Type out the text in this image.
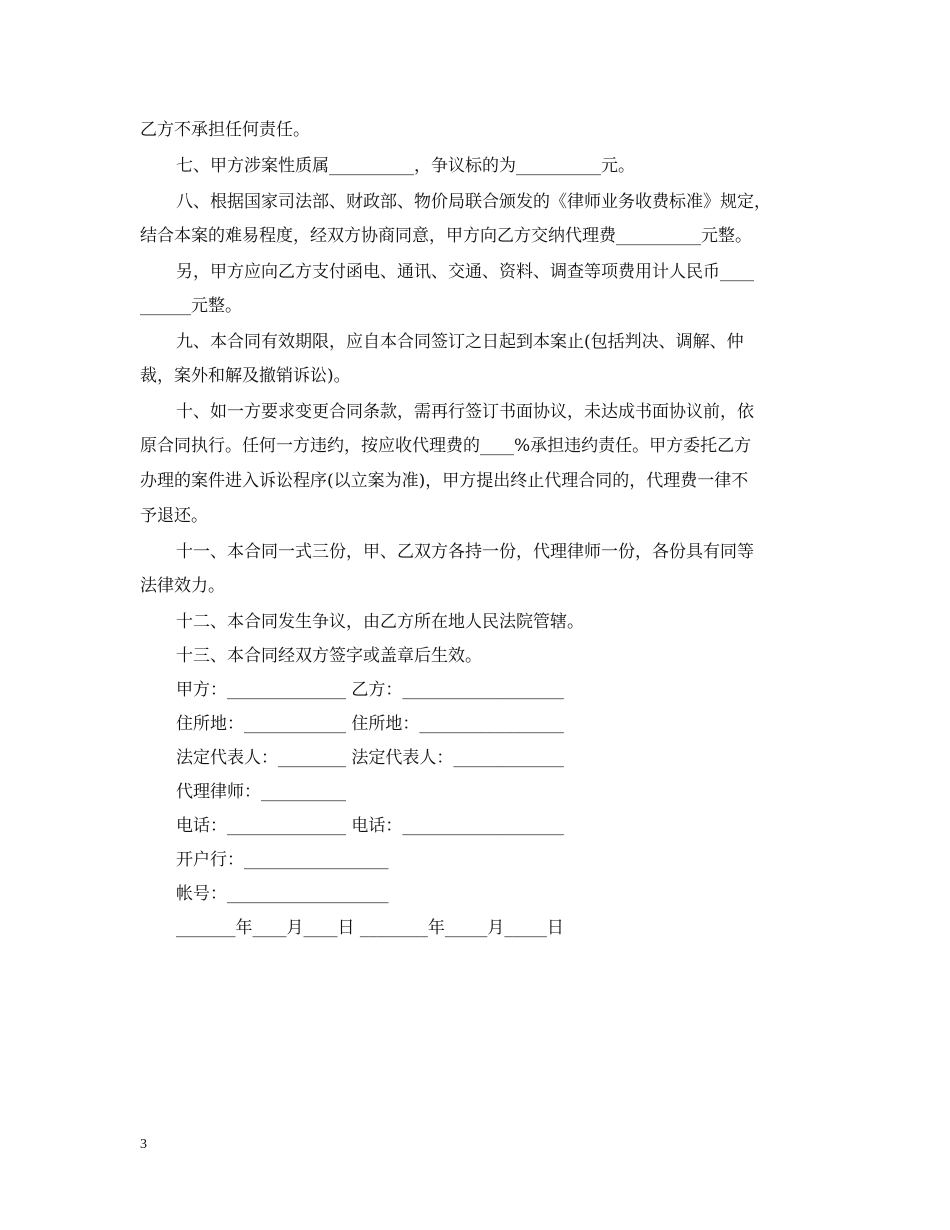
乙方不承担任何责任。
七、甲方涉案性质属__________，争议标的为__________元。
八、根据国家司法部、财政部、物价局联合颁发的《律师业务收费标准》规定，
结合本案的难易程度，经双方协商同意，甲方向乙方交纳代理费__________元整。
另，甲方应向乙方支付函电、通讯、交通、资料、调查等项费用计人民币____
______元整。
九、本合同有效期限，应自本合同签订之日起到本案止(包括判决、调解、仲
裁，案外和解及撤销诉讼)。
十、如一方要求变更合同条款，需再行签订书面协议，未达成书面协议前，依
原合同执行。任何一方违约，按应收代理费的____%承担违约责任。甲方委托乙方
办理的案件进入诉讼程序(以立案为准)，甲方提出终止代理合同的，代理费一律不
予退还。
十一、本合同一式三份，甲、乙双方各持一份，代理律师一份，各份具有同等
法律效力。
十二、本合同发生争议，由乙方所在地人民法院管辖。
十三、本合同经双方签字或盖章后生效。
甲方：______________ 乙方：___________________
住所地：____________ 住所地：_________________
法定代表人：________ 法定代表人：_____________
代理律师：__________
电话：______________ 电话：___________________
开户行：_________________
帐号：___________________
_______年____月____日 ________年_____月_____日
3
